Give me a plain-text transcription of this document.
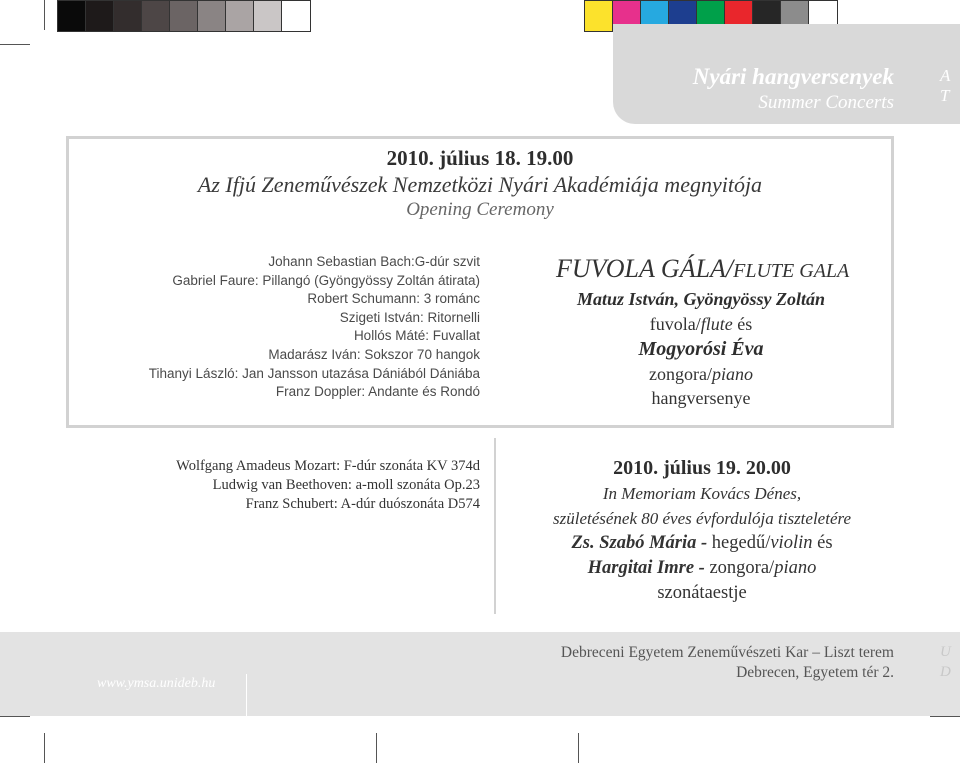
Nyári hangversenyek
Summer Concerts
A
T
2010. július 18. 19.00
Az Ifjú Zeneművészek Nemzetközi Nyári Akadémiája megnyitója
Opening Ceremony
Johann Sebastian Bach:G-dúr szvit
Gabriel Faure: Pillangó (Gyöngyössy Zoltán átirata)
Robert Schumann: 3 románc
Szigeti István: Ritornelli
Hollós Máté: Fuvallat
Madarász Iván: Sokszor 70 hangok
Tihanyi László: Jan Jansson utazása Dániából Dániába
Franz Doppler: Andante és Rondó
FUVOLA GÁLA/FLUTE GALA
Matuz István, Gyöngyössy Zoltán
fuvola/flute és
Mogyorósi Éva
zongora/piano
hangversenye
Wolfgang Amadeus Mozart: F-dúr szonáta KV 374d
Ludwig van Beethoven: a-moll szonáta Op.23
Franz Schubert: A-dúr duószonáta D574
2010. július 19. 20.00
In Memoriam Kovács Dénes,
születésének 80 éves évfordulója tiszteletére
Zs. Szabó Mária - hegedű/violin és
Hargitai Imre - zongora/piano
szonátaestje
www.ymsa.unideb.hu
Debreceni Egyetem Zeneművészeti Kar – Liszt terem
Debrecen, Egyetem tér 2.
U
D
